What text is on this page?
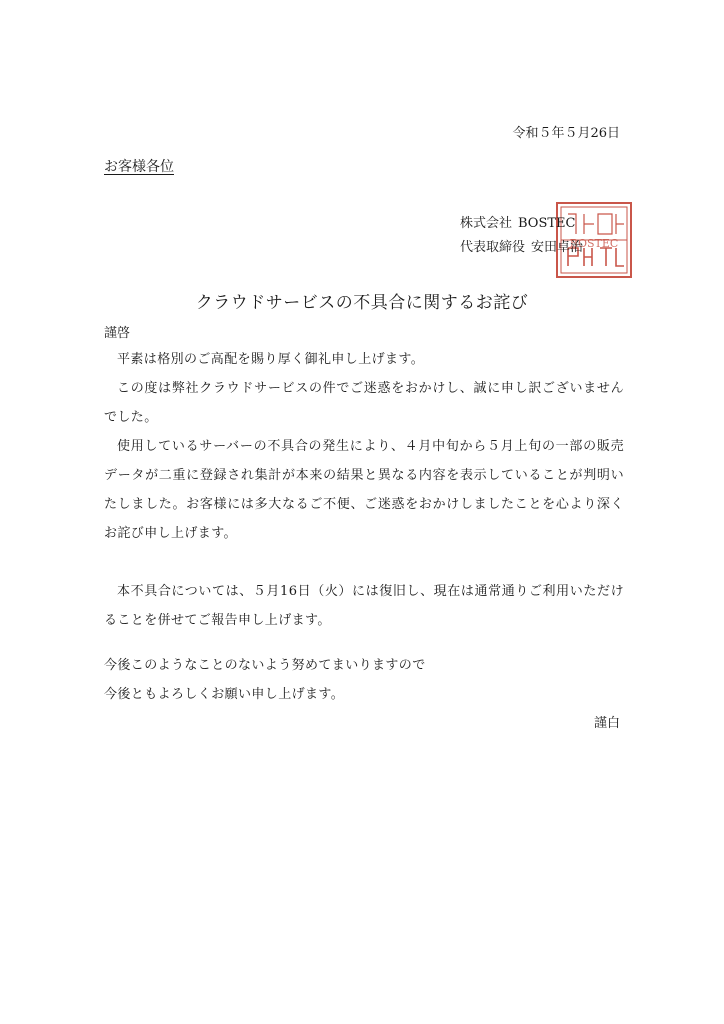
令和５年５月26日
お客様各位
BOSTEC
株式会社 BOSTEC
代表取締役 安田卓治
クラウドサービスの不具合に関するお詫び
謹啓

平素は格別のご高配を賜り厚く御礼申し上げます。

この度は弊社クラウドサービスの件でご迷惑をおかけし、誠に申し訳ございませんでした。

使用しているサーバーの不具合の発生により、４月中旬から５月上旬の一部の販売データが二重に登録され集計が本来の結果と異なる内容を表示していることが判明いたしました。お客様には多大なるご不便、ご迷惑をおかけしましたことを心より深くお詫び申し上げます。

本不具合については、５月16日（火）には復旧し、現在は通常通りご利用いただけることを併せてご報告申し上げます。

今後このようなことのないよう努めてまいりますので
今後ともよろしくお願い申し上げます。
謹白
